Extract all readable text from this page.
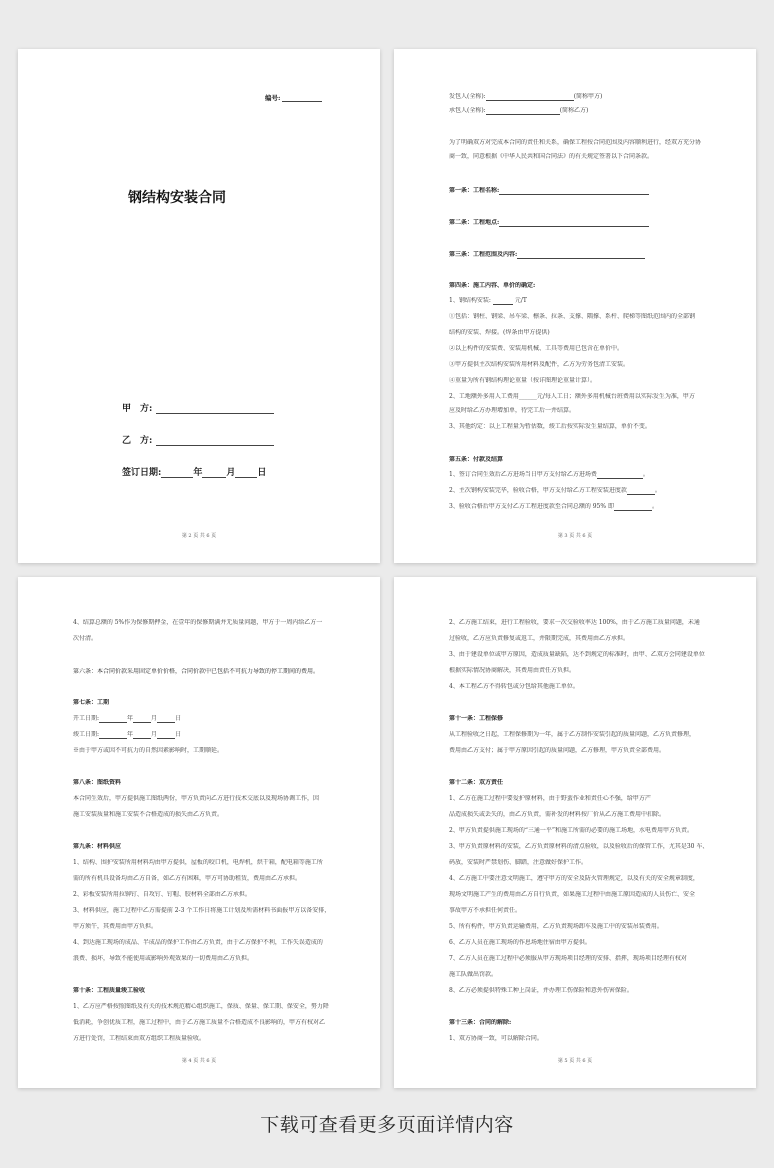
编号:
钢结构安装合同
甲　方:
乙　方:
签订日期:	年	月 日
第 2 页 共 6 页
发包人(全称):	(简称甲方)
承包人(全称):	(简称乙方)
为了明确双方对完成本合同的责任和关系，确保工程按合同范围及内容顺利进行，经双方充分协
商一致，同意根据《中华人民共和国合同法》的有关规定签署以下合同条款。
第一条：工程名称:
第二条：工程地点:
第三条：工程范围及内容:
第四条：施工内容、单价的确定:
1、钢结构安装:	元/T
①包括：钢柱、钢梁、吊车梁、檩条、拉条、支撑、隅撑、系杆、爬梯等图纸范围内的全部钢
结构的安装、焊接。(焊条由甲方提供)
②以上构件的安装费、安装用机械、工具等费用已包含在单价中。
③甲方提供主次结构安装所用材料及配件，乙方为劳务包清工安装。
④重量为所有钢结构理论重量（按详图理论重量计算）。
2、工地额外多用人工费用______元/每人工日；额外多用机械台班费用以实际发生为准，甲方
应及时给乙方办理增加单，待完工后一并结算。
3、其他约定：以上工程量为暂估数，竣工后按实际发生量结算，单价不变。
第五条：付款及结算
1、签订合同生效后乙方进场当日甲方支付给乙方进场费	。
2、主次钢构安装完毕，验收合格，甲方支付给乙方工程安装进度款	。
3、验收合格后甲方支付乙方工程进度款至合同总额的 95% 即	。
第 3 页 共 6 页
4、结算总额的 5%作为保修期押金，在壹年的保修期满并无质量问题，甲方于一周内给乙方一
次付清。
第六条：本合同价款采用固定单价价格，合同价款中已包括不可抗力导致的停工期间的费用。
第七条：工期
开工日期:	年	月	日
竣工日期:	年	月	日
※由于甲方或因不可抗力的自然因素影响时，工期顺延。
第八条：图纸资料
本合同生效后，甲方提供施工图纸两份，甲方负责向乙方进行技术交底以及现场协调工作，因
施工安装质量和施工安装不合格造成的损失由乙方负责。
第九条：材料供应
1、结构、围护安装所用材料均由甲方提供，屋板的咬口机，电焊机，烘干箱，配电箱等施工所
需的所有机具设备均由乙方自备，如乙方有困难，甲方可协助租赁，费用由乙方承担。
2、彩板安装所用拉铆钉、自攻钉、钉帽、胶材料全部由乙方承担。
3、材料供应，施工过程中乙方需提前 2-3 个工作日将施工计划及所需材料书面报甲方以备安排，
甲方须午，其费用由甲方负担。
4、到达施工现场的成品、半成品的保护工作由乙方负责，由于乙方保护不利，工作失误造成的
浪费、损坏，导致不能使用或影响外观效果的一切费用由乙方负担。
第十条：工程质量竣工验收
1、乙方应严格按照图纸及有关的技术规范精心组织施工，保质、保量、保工期、保安全，努力降
低消耗，争创优质工程，施工过程中，由于乙方施工质量不合格造成不良影响的，甲方有权对乙
方进行处罚，工程结束由双方组织工程质量验收。
第 4 页 共 6 页
2、乙方施工结束，进行工程验收，要求一次交验收率达 100%，由于乙方施工质量问题，未通
过验收，乙方应负责修复或返工，并限期完成，其费用由乙方承担。
3、由于建设单位或甲方原因，造成质量缺陷，达不到规定的标准时，由甲、乙双方会同建设单位
根据实际情况协商解决，其费用由责任方负担。
4、本工程乙方不得转包或分包给其他施工单位。
第十一条：工程保修
从工程验收之日起，工程保修期为一年，属于乙方制作安装引起的质量问题，乙方负责修理，
费用由乙方支付；属于甲方原因引起的质量问题，乙方修理，甲方负责全部费用。
第十二条：双方责任
1、乙方在施工过程中要爱护原材料，由于野蛮作业和责任心不强，给甲方产
品造成损失或丢失的，由乙方负责，需补发的材料按厂价从乙方施工费用中扣除。
2、甲方负责提供施工现场的“三通一平”和施工所需的必要的施工场地，水电费用甲方负责。
3、甲方负责原材料的安装，乙方负责原材料的清点验收，以及验收后的保管工作，尤其是30 车、
码放，安装时严禁划伤、脚踏，注意做好保护工作。
4、乙方施工中要注意文明施工，遵守甲方的安全及防火管理规定，以及有关的安全规章制度，
现场文明施工产生的费用由乙方自行负责，如果施工过程中由施工原因造成的人员伤亡、安全
事故甲方不承担任何责任。
5、所有构件，甲方负责运输费用，乙方负责现场卸车及施工中的安装吊装费用。
6、乙方人员在施工现场的作息场地住宿由甲方提供。
7、乙方人员在施工过程中必须服从甲方现场项目经理的安排、指挥，现场项目经理有权对
施工队做出罚款。
8、乙方必须提供特殊工种上岗证，并办理工伤保险和意外伤害保险。
第十三条：合同的解除:
1、双方协商一致，可以解除合同。
第 5 页 共 6 页
下载可查看更多页面详情内容
